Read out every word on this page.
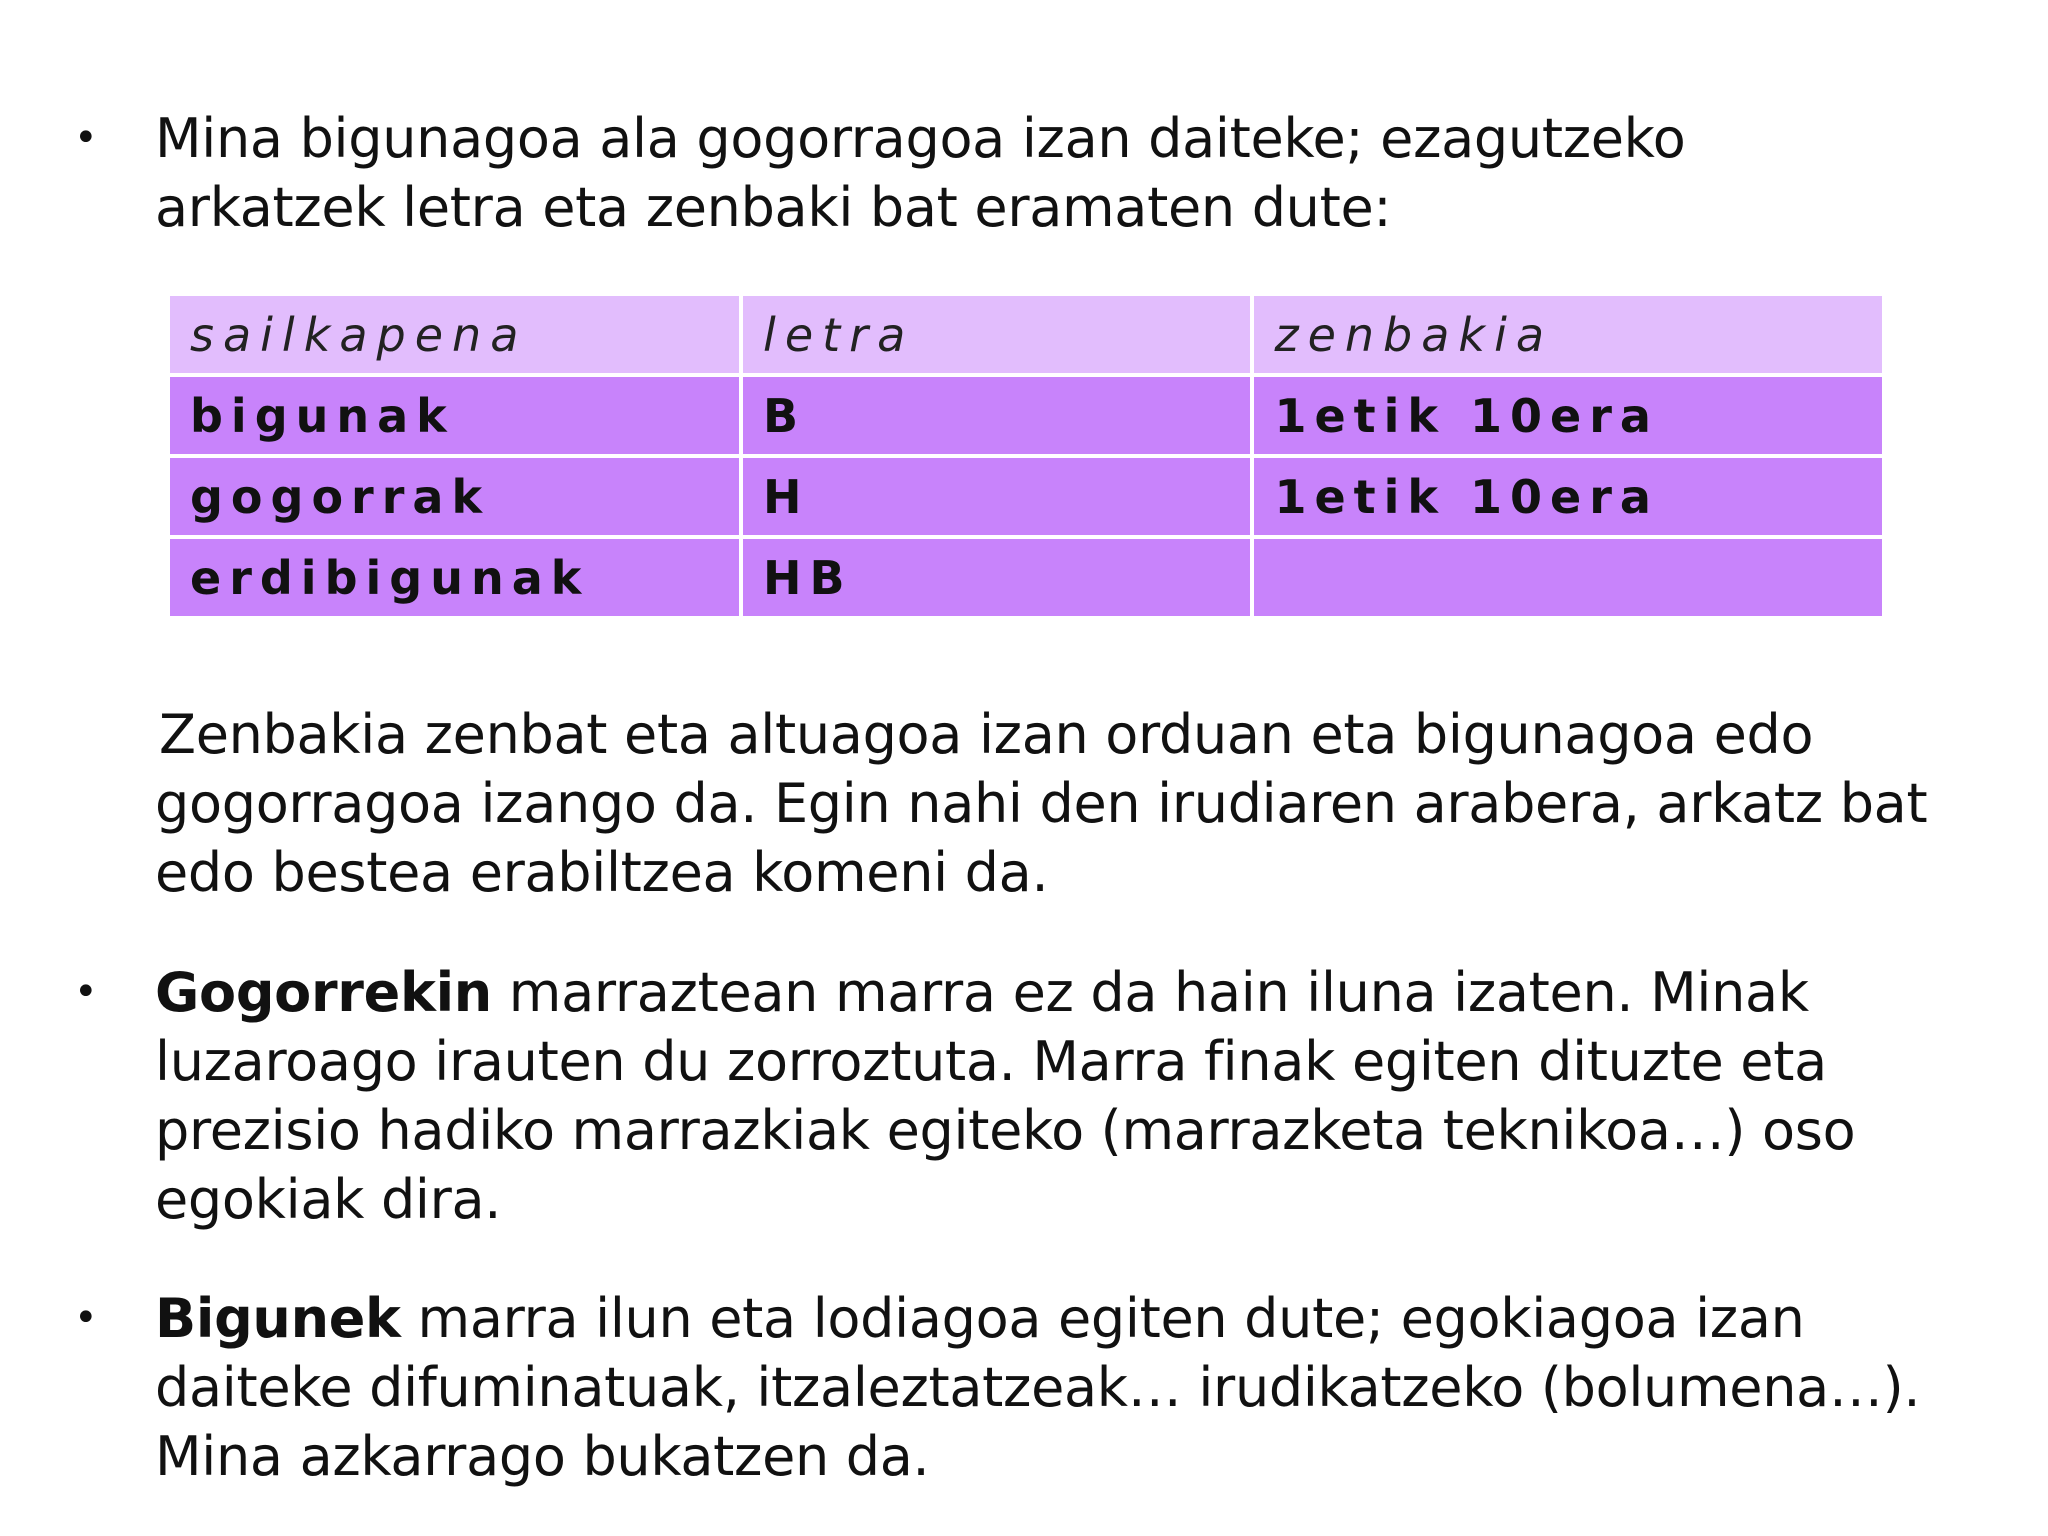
• Mina bigunagoa ala gogorragoa izan daiteke; ezagutzeko arkatzek letra eta zenbaki bat eramaten dute:

sailkapena	letra	zenbakia
bigunak	B	1etik 10era
gogorrak	H	1etik 10era
erdibigunak	HB	

Zenbakia zenbat eta altuagoa izan orduan eta bigunagoa edo gogorragoa izango da. Egin nahi den irudiaren arabera, arkatz bat edo bestea erabiltzea komeni da.

• Gogorrekin marraztean marra ez da hain iluna izaten. Minak luzaroago irauten du zorroztuta. Marra finak egiten dituzte eta prezisio hadiko marrazkiak egiteko (marrazketa teknikoa…) oso egokiak dira.

• Bigunek marra ilun eta lodiagoa egiten dute; egokiagoa izan daiteke difuminatuak, itzaleztatzeak… irudikatzeko (bolumena…). Mina azkarrago bukatzen da.
